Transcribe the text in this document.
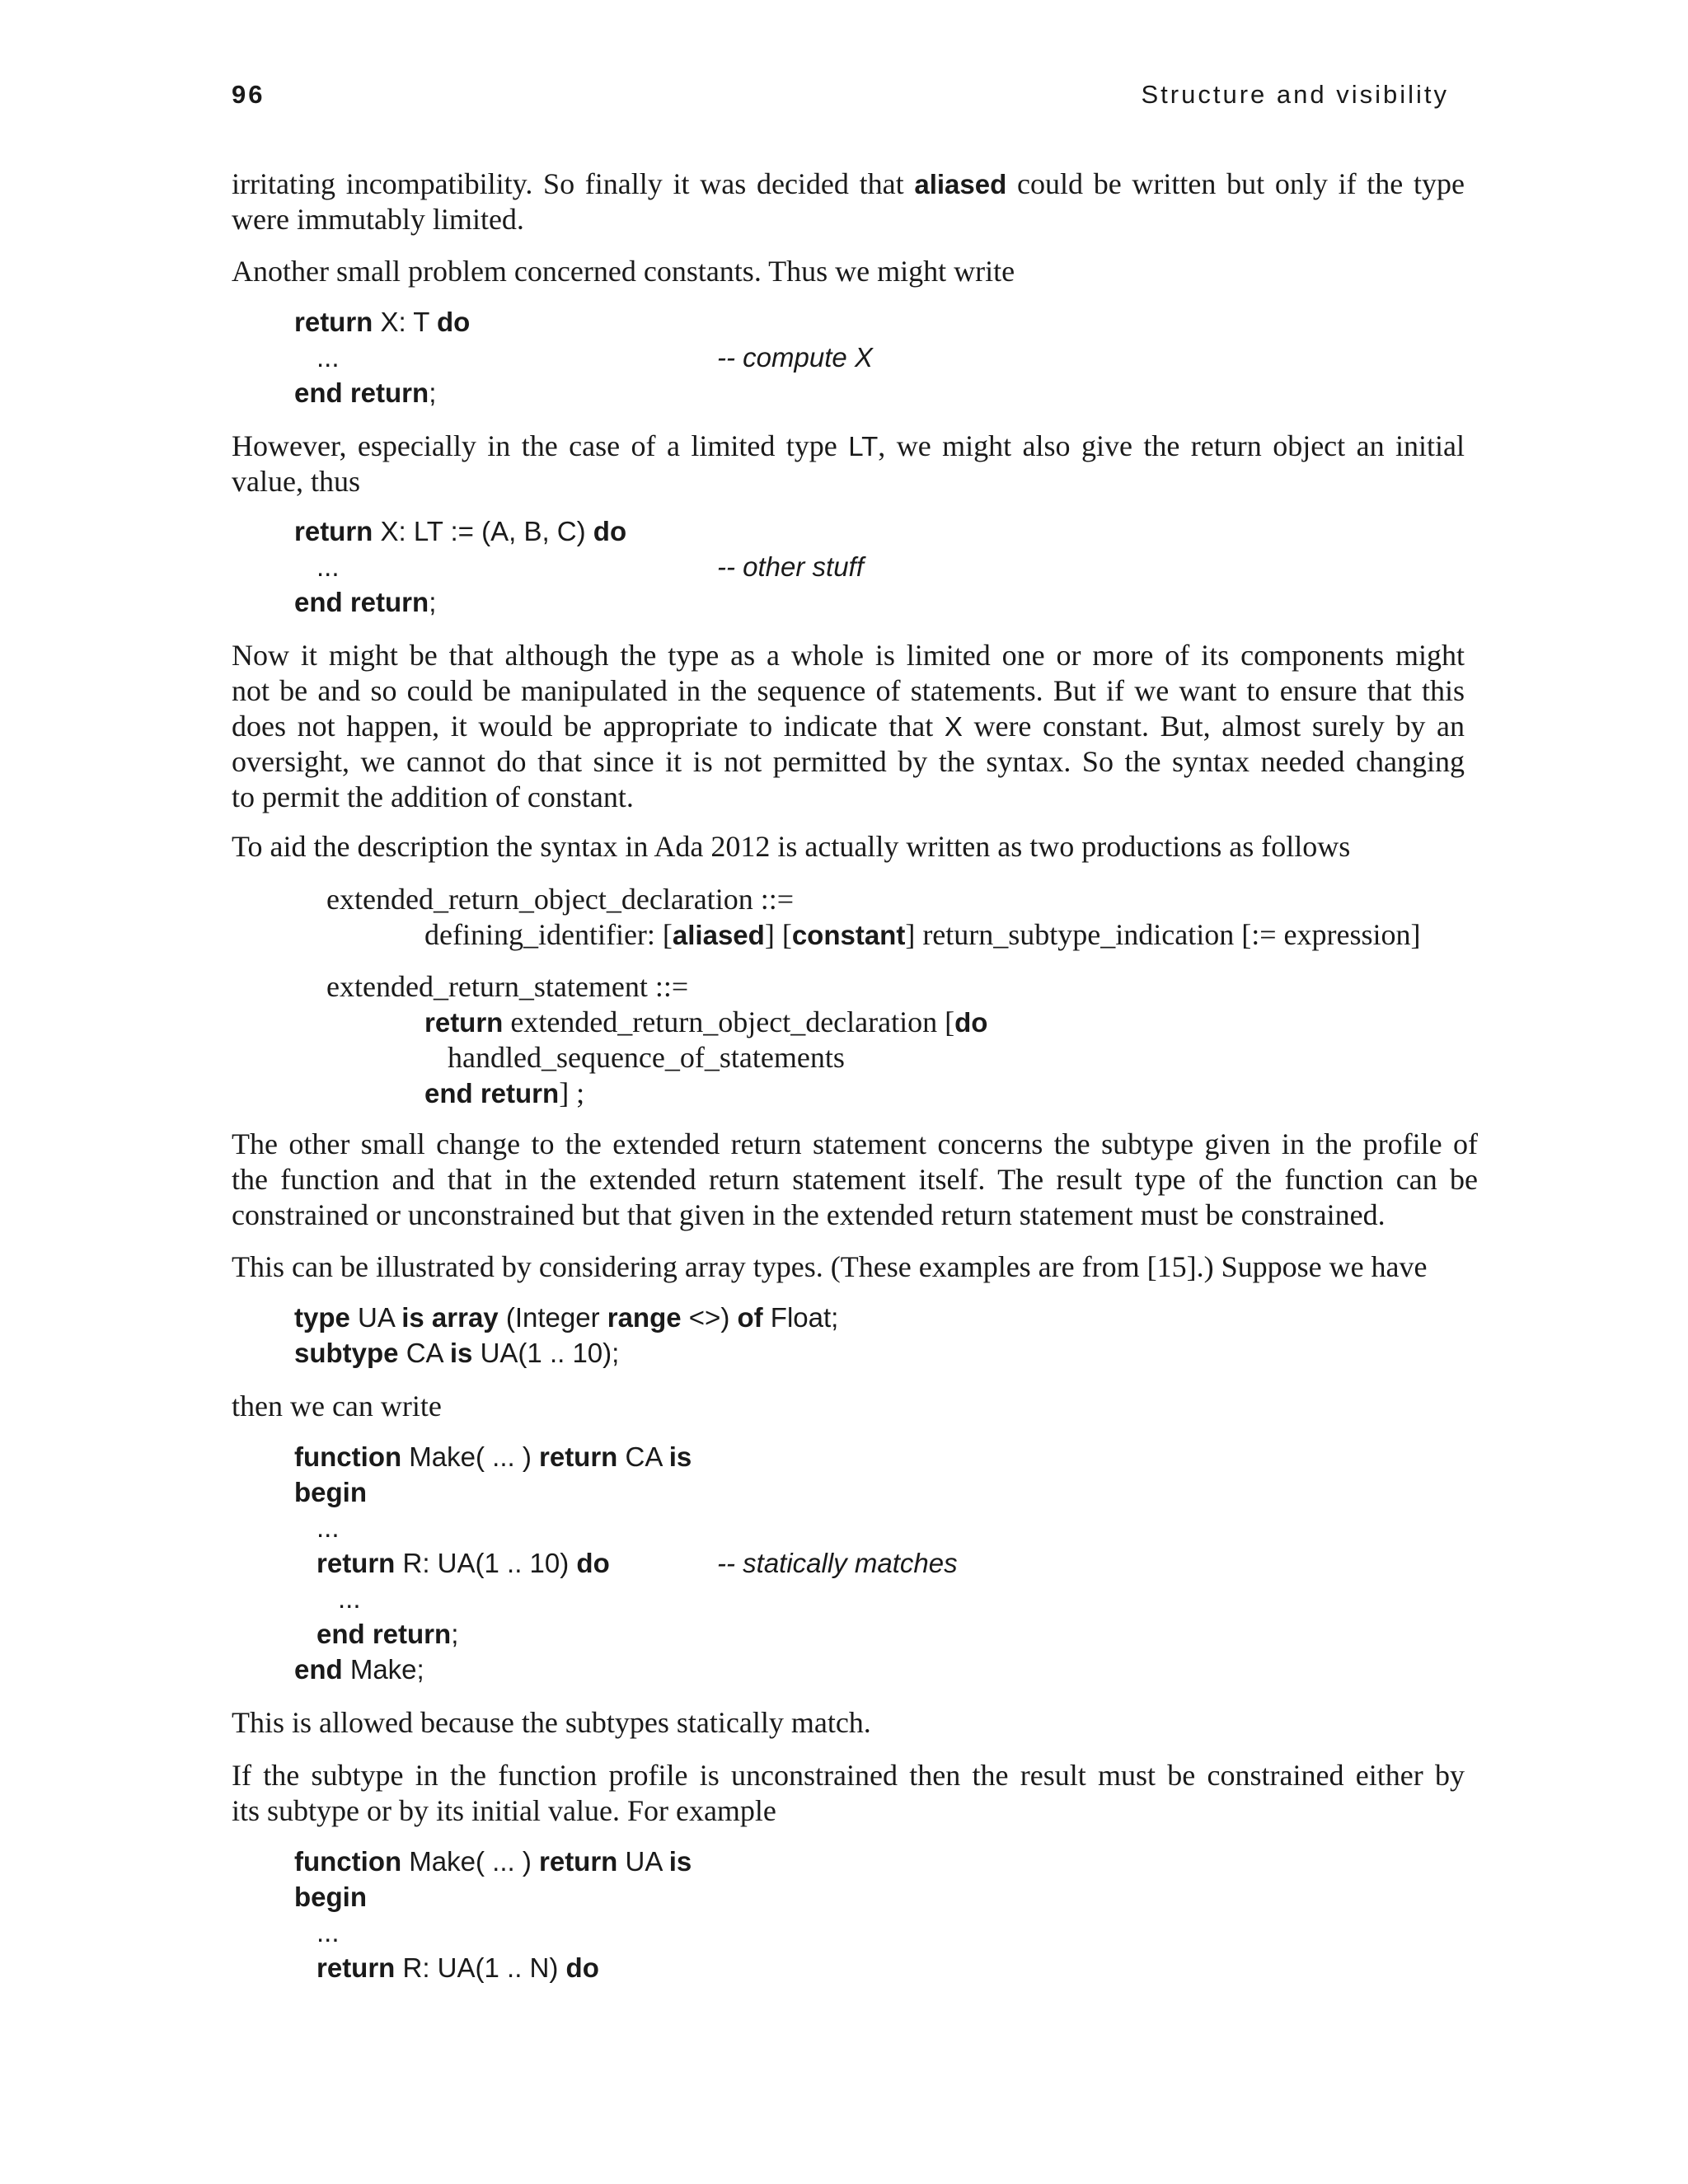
96	Structure and visibility
irritating incompatibility. So finally it was decided that aliased could be written but only if the type
were immutably limited.
Another small problem concerned constants. Thus we might write
return X: T do
...	-- compute X
end return;
However, especially in the case of a limited type LT, we might also give the return object an initial
value, thus
return X: LT := (A, B, C) do
...	-- other stuff
end return;
Now it might be that although the type as a whole is limited one or more of its components might
not be and so could be manipulated in the sequence of statements. But if we want to ensure that this
does not happen, it would be appropriate to indicate that X were constant. But, almost surely by an
oversight, we cannot do that since it is not permitted by the syntax. So the syntax needed changing
to permit the addition of constant.
To aid the description the syntax in Ada 2012 is actually written as two productions as follows
extended_return_object_declaration ::=
defining_identifier: [aliased] [constant] return_subtype_indication [:= expression]
extended_return_statement ::=
return extended_return_object_declaration [do
handled_sequence_of_statements
end return] ;
The other small change to the extended return statement concerns the subtype given in the profile of
the function and that in the extended return statement itself. The result type of the function can be
constrained or unconstrained but that given in the extended return statement must be constrained.
This can be illustrated by considering array types. (These examples are from [15].) Suppose we have
type UA is array (Integer range <>) of Float;
subtype CA is UA(1 .. 10);
then we can write
function Make( ... ) return CA is
begin
...
return R: UA(1 .. 10) do	-- statically matches
...
end return;
end Make;
This is allowed because the subtypes statically match.
If the subtype in the function profile is unconstrained then the result must be constrained either by
its subtype or by its initial value. For example
function Make( ... ) return UA is
begin
...
return R: UA(1 .. N) do
